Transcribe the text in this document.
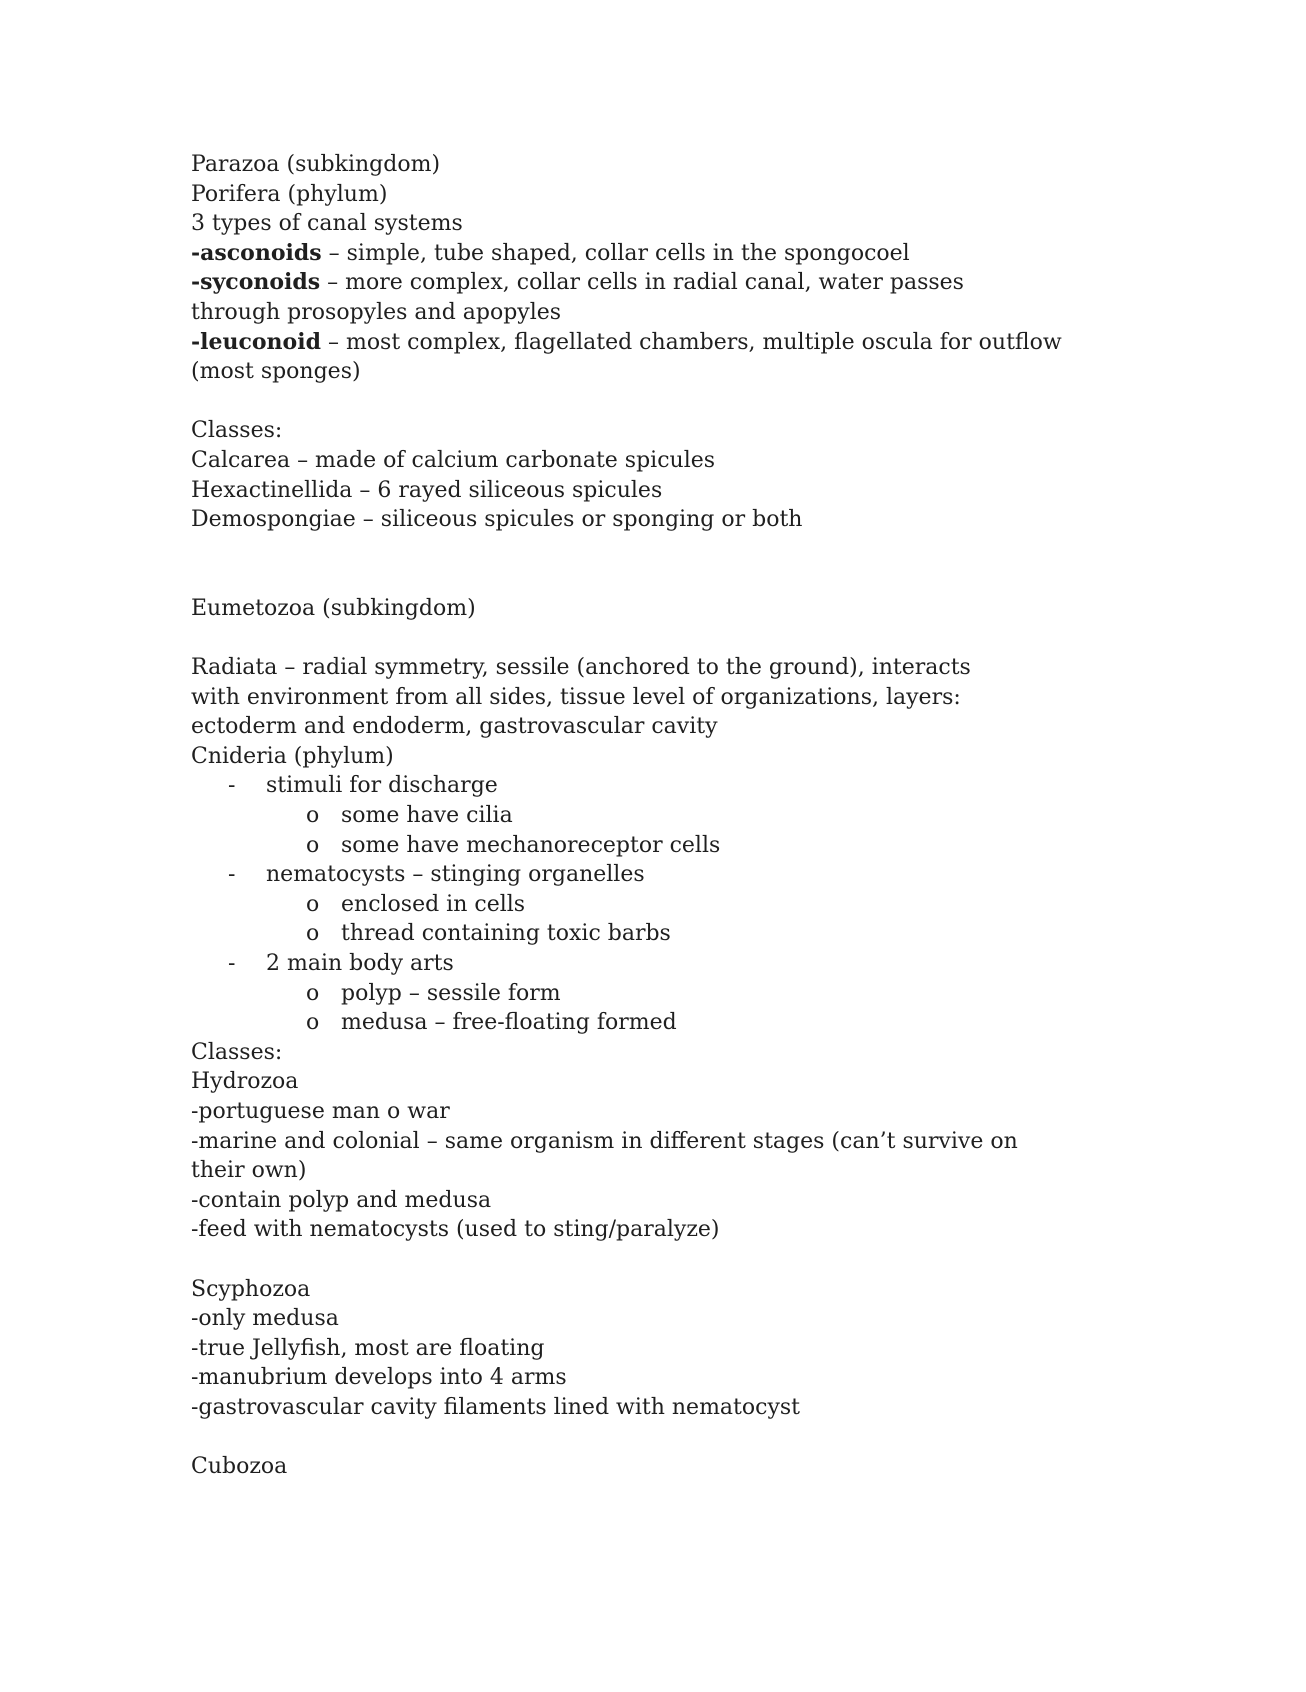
Parazoa (subkingdom)

Porifera (phylum)

3 types of canal systems

-asconoids – simple, tube shaped, collar cells in the spongocoel

-syconoids – more complex, collar cells in radial canal, water passes through prosopyles and apopyles

-leuconoid – most complex, flagellated chambers, multiple oscula for outflow (most sponges)

Classes:

Calcarea – made of calcium carbonate spicules

Hexactinellida – 6 rayed siliceous spicules

Demospongiae – siliceous spicules or sponging or both

Eumetozoa (subkingdom)

Radiata – radial symmetry, sessile (anchored to the ground), interacts with environment from all sides, tissue level of organizations, layers: ectoderm and endoderm, gastrovascular cavity

Cnideria (phylum)

- stimuli for discharge

o some have cilia

o some have mechanoreceptor cells

- nematocysts – stinging organelles

o enclosed in cells

o thread containing toxic barbs

- 2 main body arts

o polyp – sessile form

o medusa – free-floating formed

Classes:

Hydrozoa

-portuguese man o war

-marine and colonial – same organism in different stages (can’t survive on their own)

-contain polyp and medusa

-feed with nematocysts (used to sting/paralyze)

Scyphozoa

-only medusa

-true Jellyfish, most are floating

-manubrium develops into 4 arms

-gastrovascular cavity filaments lined with nematocyst

Cubozoa
